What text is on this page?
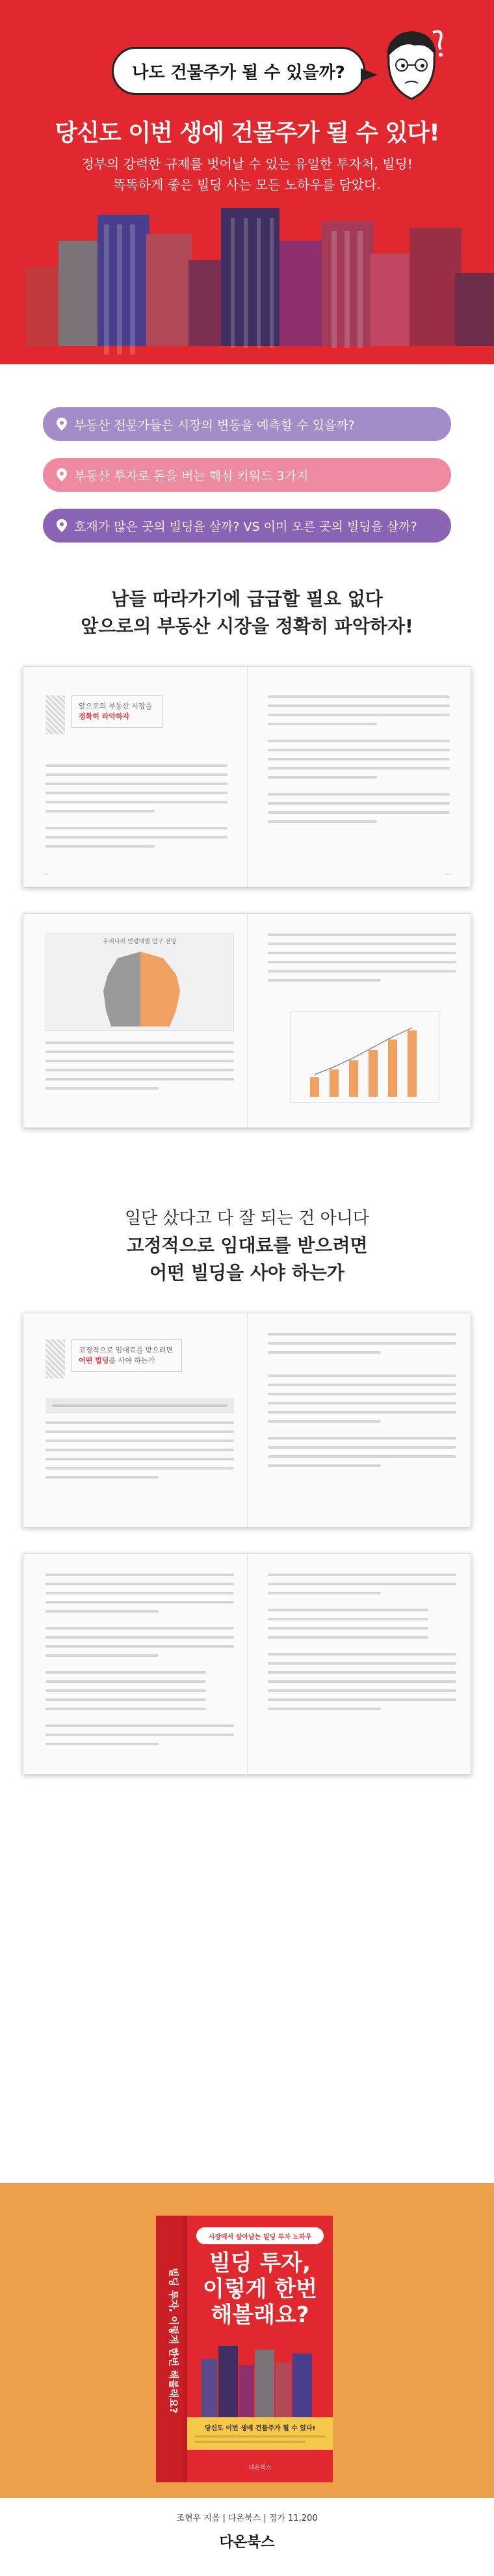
나도 건물주가 될 수 있을까?
당신도 이번 생에 건물주가 될 수 있다!
정부의 강력한 규제를 벗어날 수 있는 유일한 투자처, 빌딩!
똑똑하게 좋은 빌딩 사는 모든 노하우를 담았다.
부동산 전문가들은 시장의 변동을 예측할 수 있을까?
부동산 투자로 돈을 버는 핵심 키워드 3가지
호재가 많은 곳의 빌딩을 살까? VS 이미 오른 곳의 빌딩을 살까?
남들 따라가기에 급급할 필요 없다
앞으로의 부동산 시장을 정확히 파악하자!
앞으로의 부동산 시장을
정확히 파악하자
―	―
우리나라 연령대별 인구 전망
일단 샀다고 다 잘 되는 건 아니다
고정적으로 임대료를 받으려면
어떤 빌딩을 사야 하는가
고정적으로 임대료를 받으려면
어떤 빌딩을 사야 하는가
빌딩 투자, 이렇게 한번 해볼래요?
시장에서 살아남는 빌딩 투자 노하우
빌딩 투자,
이렇게 한번
해볼래요?
당신도 이번 생에 건물주가 될 수 있다!
다온북스
조현우 지음 | 다온북스 | 정가 11,200
다온북스
